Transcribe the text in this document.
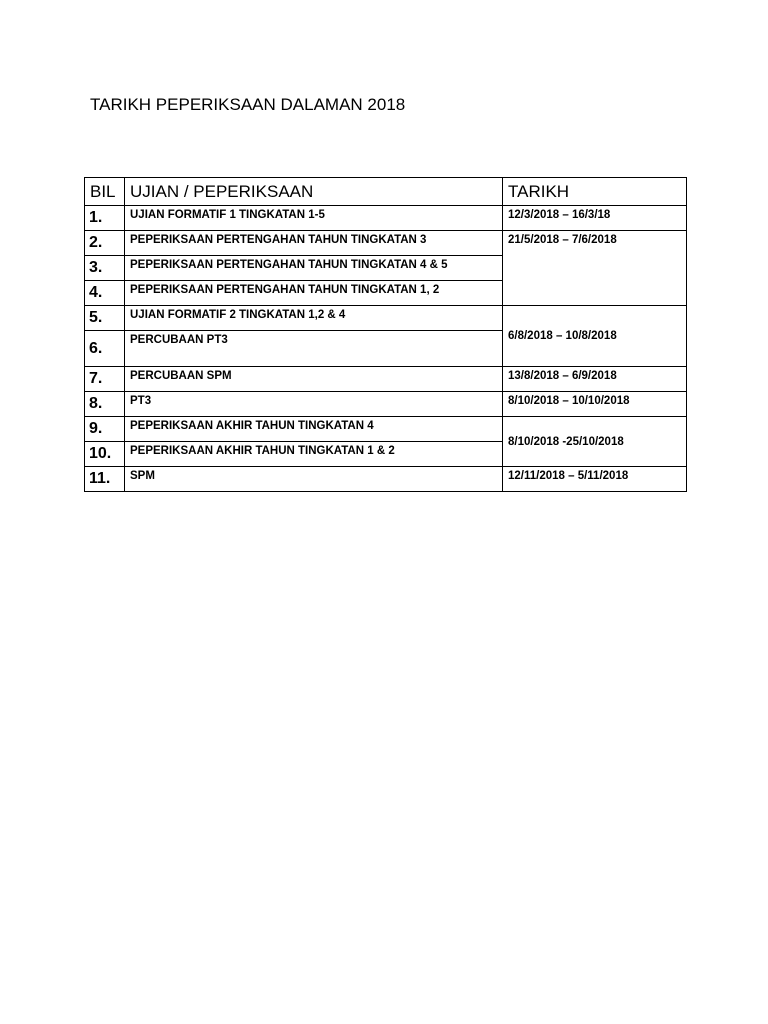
TARIKH PEPERIKSAAN DALAMAN 2018
BIL	UJIAN / PEPERIKSAAN	TARIKH
1.	UJIAN FORMATIF 1 TINGKATAN 1-5	12/3/2018 – 16/3/18
2.	PEPERIKSAAN PERTENGAHAN TAHUN TINGKATAN 3	21/5/2018 – 7/6/2018
3.	PEPERIKSAAN PERTENGAHAN TAHUN TINGKATAN 4 & 5	
4.	PEPERIKSAAN PERTENGAHAN TAHUN TINGKATAN 1, 2	
5.	UJIAN FORMATIF 2 TINGKATAN 1,2 & 4	6/8/2018 – 10/8/2018
6.	PERCUBAAN PT3	
7.	PERCUBAAN SPM	13/8/2018 – 6/9/2018
8.	PT3	8/10/2018 – 10/10/2018
9.	PEPERIKSAAN AKHIR TAHUN TINGKATAN 4	8/10/2018 -25/10/2018
10.	PEPERIKSAAN AKHIR TAHUN TINGKATAN 1 & 2	
11.	SPM	12/11/2018 – 5/11/2018
